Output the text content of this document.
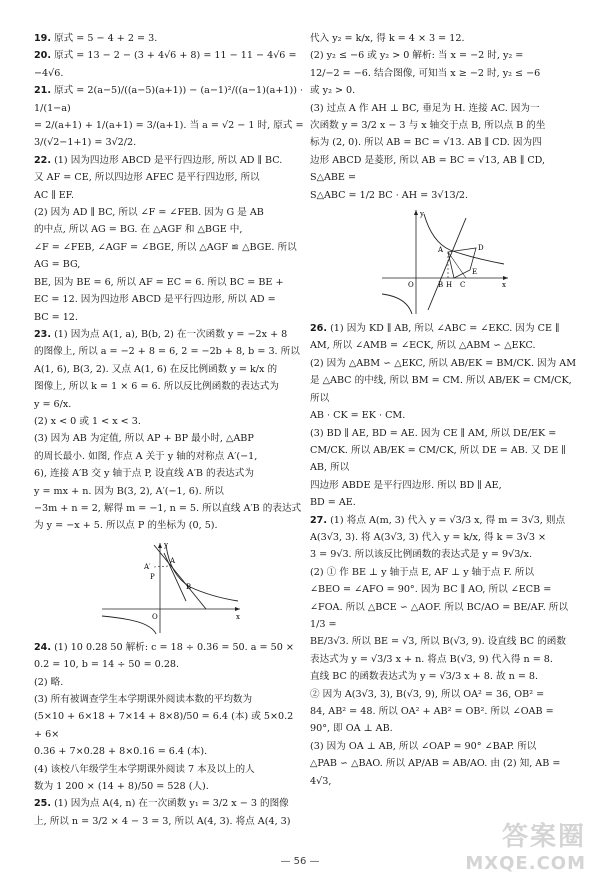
19. 原式 = 5 − 4 + 2 = 3.

20. 原式 = 13 − 2 − (3 + 4√6 + 8) = 11 − 11 − 4√6 = −4√6.

21. 原式 = 2(a−5)/((a−5)(a+1)) − (a−1)²/((a−1)(a+1)) · 1/(1−a)

= 2/(a+1) + 1/(a+1) = 3/(a+1). 当 a = √2 − 1 时, 原式 =

3/(√2−1+1) = 3√2/2.

22. (1) 因为四边形 ABCD 是平行四边形, 所以 AD ∥ BC.

又 AF = CE, 所以四边形 AFEC 是平行四边形, 所以

AC ∥ EF.

(2) 因为 AD ∥ BC, 所以 ∠F = ∠FEB. 因为 G 是 AB

的中点, 所以 AG = BG. 在 △AGF 和 △BGE 中,

∠F = ∠FEB, ∠AGF = ∠BGE, 所以 △AGF ≌ △BGE. 所以

AG = BG,

BE, 因为 BE = 6, 所以 AF = EC = 6. 所以 BC = BE +

EC = 12. 因为四边形 ABCD 是平行四边形, 所以 AD =

BC = 12.

23. (1) 因为点 A(1, a), B(b, 2) 在一次函数 y = −2x + 8

的图像上, 所以 a = −2 + 8 = 6, 2 = −2b + 8, b = 3. 所以

A(1, 6), B(3, 2). 又点 A(1, 6) 在反比例函数 y = k/x 的

图像上, 所以 k = 1 × 6 = 6. 所以反比例函数的表达式为

y = 6/x.

(2) x < 0 或 1 < x < 3.

(3) 因为 AB 为定值, 所以 AP + BP 最小时, △ABP

的周长最小. 如图, 作点 A 关于 y 轴的对称点 A′(−1,

6), 连接 A′B 交 y 轴于点 P, 设直线 A′B 的表达式为

y = mx + n. 因为 B(3, 2), A′(−1, 6). 所以

−3m + n = 2, 解得 m = −1, n = 5. 所以直线 A′B 的表达式

为 y = −x + 5. 所以点 P 的坐标为 (0, 5).

A
A′
P
B
O	x
y

24. (1) 10 0.28 50 解析: c = 18 ÷ 0.36 = 50. a = 50 ×

0.2 = 10, b = 14 ÷ 50 = 0.28.

(2) 略.

(3) 所有被调查学生本学期课外阅读本数的平均数为

(5×10 + 6×18 + 7×14 + 8×8)/50 = 6.4 (本) 或 5×0.2 + 6×

0.36 + 7×0.28 + 8×0.16 = 6.4 (本).

(4) 该校八年级学生本学期课外阅读 7 本及以上的人

数为 1 200 × (14 + 8)/50 = 528 (人).

25. (1) 因为点 A(4, n) 在一次函数 y₁ = 3/2 x − 3 的图像

上, 所以 n = 3/2 × 4 − 3 = 3, 所以 A(4, 3). 将点 A(4, 3)

代入 y₂ = k/x, 得 k = 4 × 3 = 12.

(2) y₂ ≤ −6 或 y₂ > 0 解析: 当 x = −2 时, y₂ =

12/−2 = −6. 结合图像, 可知当 x ≥ −2 时, y₂ ≤ −6

或 y₂ > 0.

(3) 过点 A 作 AH ⊥ BC, 垂足为 H. 连接 AC. 因为一

次函数 y = 3/2 x − 3 与 x 轴交于点 B, 所以点 B 的坐

标为 (2, 0). 所以 AB = BC = √13. AB ∥ CD. 因为四

边形 ABCD 是菱形, 所以 AB = BC = √13, AB ∥ CD, S△ABE =

S△ABC = 1/2 BC · AH = 3√13/2.

A	D
B H C
E
O	x
y

26. (1) 因为 KD ∥ AB, 所以 ∠ABC = ∠EKC. 因为 CE ∥

AM, 所以 ∠AMB = ∠ECK, 所以 △ABM ∽ △EKC.

(2) 因为 △ABM ∽ △EKC, 所以 AB/EK = BM/CK. 因为 AM

是 △ABC 的中线, 所以 BM = CM. 所以 AB/EK = CM/CK, 所以

AB · CK = EK · CM.

(3) BD ∥ AE, BD = AE. 因为 CE ∥ AM, 所以 DE/EK =

CM/CK. 所以 AB/EK = CM/CK, 所以 DE = AB. 又 DE ∥ AB, 所以

四边形 ABDE 是平行四边形. 所以 BD ∥ AE,

BD = AE.

27. (1) 将点 A(m, 3) 代入 y = √3/3 x, 得 m = 3√3, 则点

A(3√3, 3). 将 A(3√3, 3) 代入 y = k/x, 得 k = 3√3 ×

3 = 9√3. 所以该反比例函数的表达式是 y = 9√3/x.

(2) ① 作 BE ⊥ y 轴于点 E, AF ⊥ y 轴于点 F. 所以

∠BEO = ∠AFO = 90°. 因为 BC ∥ AO, 所以 ∠ECB =

∠FOA. 所以 △BCE ∽ △AOF. 所以 BC/AO = BE/AF. 所以 1/3 =

BE/3√3. 所以 BE = √3, 所以 B(√3, 9). 设直线 BC 的函数

表达式为 y = √3/3 x + n. 将点 B(√3, 9) 代入得 n = 8.

直线 BC 的函数表达式为 y = √3/3 x + 8. 故 n = 8.

② 因为 A(3√3, 3), B(√3, 9), 所以 OA² = 36, OB² =

84, AB² = 48. 所以 OA² + AB² = OB². 所以 ∠OAB =

90°, 即 OA ⊥ AB.

(3) 因为 OA ⊥ AB, 所以 ∠OAP = 90° ∠BAP. 所以

△PAB ∽ △BAO. 所以 AP/AB = AB/AO. 由 (2) 知, AB = 4√3,

— 56 —
答案圈
MXQE.COM
